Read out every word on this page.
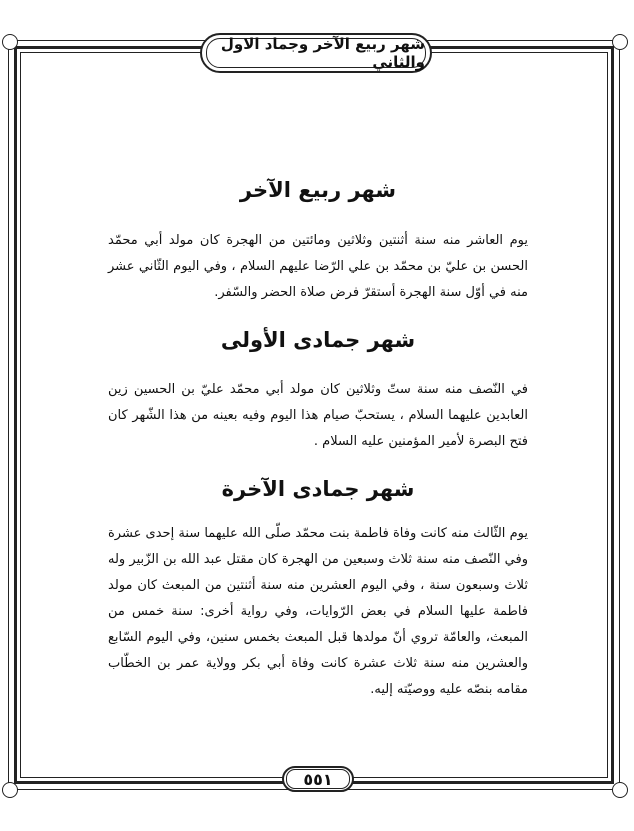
شهر ربيع الآخر وجماد الاول والثاني
شهر ربيع الآخر

يوم العاشر منه سنة أثنتين وثلاثين ومائتين من الهجرة كان مولد أبي محمّد الحسن بن عليّ بن محمّد بن علي الرّضا عليهم السلام ، وفي اليوم الثّاني عشر منه في أوّل سنة الهجرة أستقرّ فرض صلاة الحضر والسّفر.

شهر جمادى الأولى

في النّصف منه سنة ستّ وثلاثين كان مولد أبي محمّد عليّ بن الحسين زين العابدين عليهما السلام ، يستحبّ صيام هذا اليوم وفيه بعينه من هذا الشّهر كان فتح البصرة لأمير المؤمنين عليه السلام .

شهر جمادى الآخرة

يوم الثّالث منه كانت وفاة فاطمة بنت محمّد صلّى الله عليهما سنة إحدى عشرة وفي النّصف منه سنة ثلاث وسبعين من الهجرة كان مقتل عبد الله بن الزّبير وله ثلاث وسبعون سنة ، وفي اليوم العشرين منه سنة أثنتين من المبعث كان مولد فاطمة عليها السلام في بعض الرّوايات، وفي رواية أخرى: سنة خمس من المبعث، والعامّة تروي أنّ مولدها قبل المبعث بخمس سنين، وفي اليوم السّابع والعشرين منه سنة ثلاث عشرة كانت وفاة أبي بكر وولاية عمر بن الخطّاب مقامه بنصّه عليه ووصيّته إليه.

٥٥١
